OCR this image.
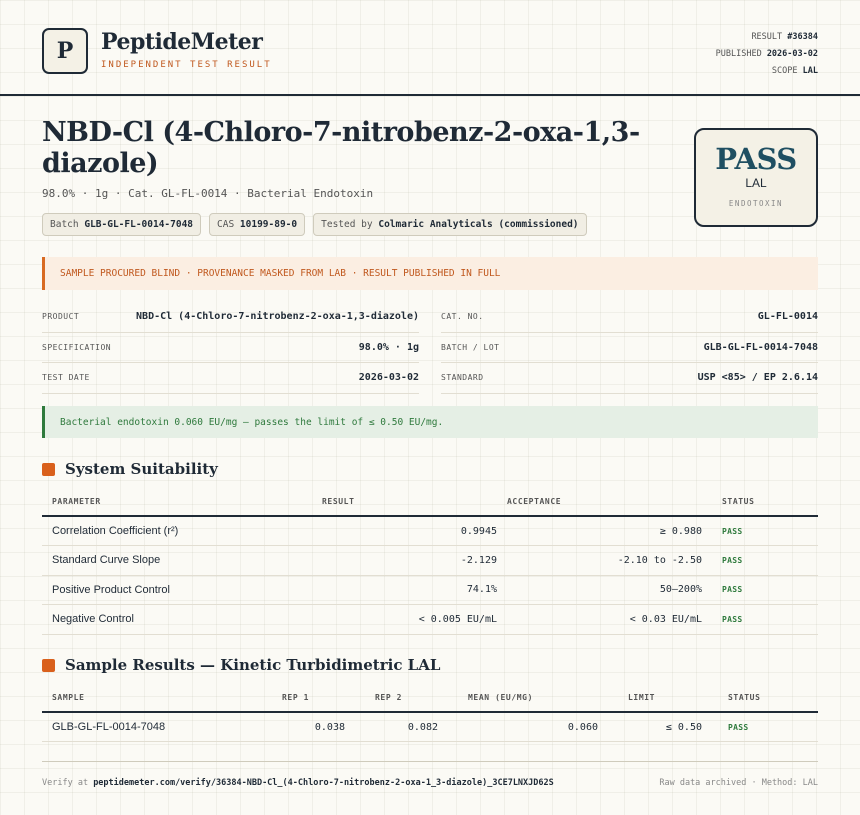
P	PeptideMeter
INDEPENDENT TEST RESULT
RESULT #36384
PUBLISHED 2026-03-02
SCOPE LAL
NBD-Cl (4-Chloro-7-nitrobenz-2-oxa-1,3-diazole)
98.0% · 1g · Cat. GL-FL-0014 · Bacterial Endotoxin
Batch GLB-GL-FL-0014-7048	CAS 10199-89-0	Tested by Colmaric Analyticals (commissioned)
PASS
LAL
ENDOTOXIN
SAMPLE PROCURED BLIND · PROVENANCE MASKED FROM LAB · RESULT PUBLISHED IN FULL
PRODUCT	NBD-Cl (4-Chloro-7-nitrobenz-2-oxa-1,3-diazole)
SPECIFICATION	98.0% · 1g
TEST DATE	2026-03-02
CAT. NO.	GL-FL-0014
BATCH / LOT	GLB-GL-FL-0014-7048
STANDARD	USP <85> / EP 2.6.14
Bacterial endotoxin 0.060 EU/mg — passes the limit of ≤ 0.50 EU/mg.
System Suitability
PARAMETER	RESULT	ACCEPTANCE	STATUS
Correlation Coefficient (r²)	0.9945	≥ 0.980	PASS
Standard Curve Slope	-2.129	-2.10 to -2.50	PASS
Positive Product Control	74.1%	50–200%	PASS
Negative Control	< 0.005 EU/mL	< 0.03 EU/mL	PASS
Sample Results — Kinetic Turbidimetric LAL
SAMPLE	REP 1	REP 2	MEAN (EU/MG)	LIMIT	STATUS
GLB-GL-FL-0014-7048	0.038	0.082	0.060	≤ 0.50	PASS
Verify at peptidemeter.com/verify/36384-NBD-Cl_(4-Chloro-7-nitrobenz-2-oxa-1_3-diazole)_3CE7LNXJD62S	Raw data archived · Method: LAL
